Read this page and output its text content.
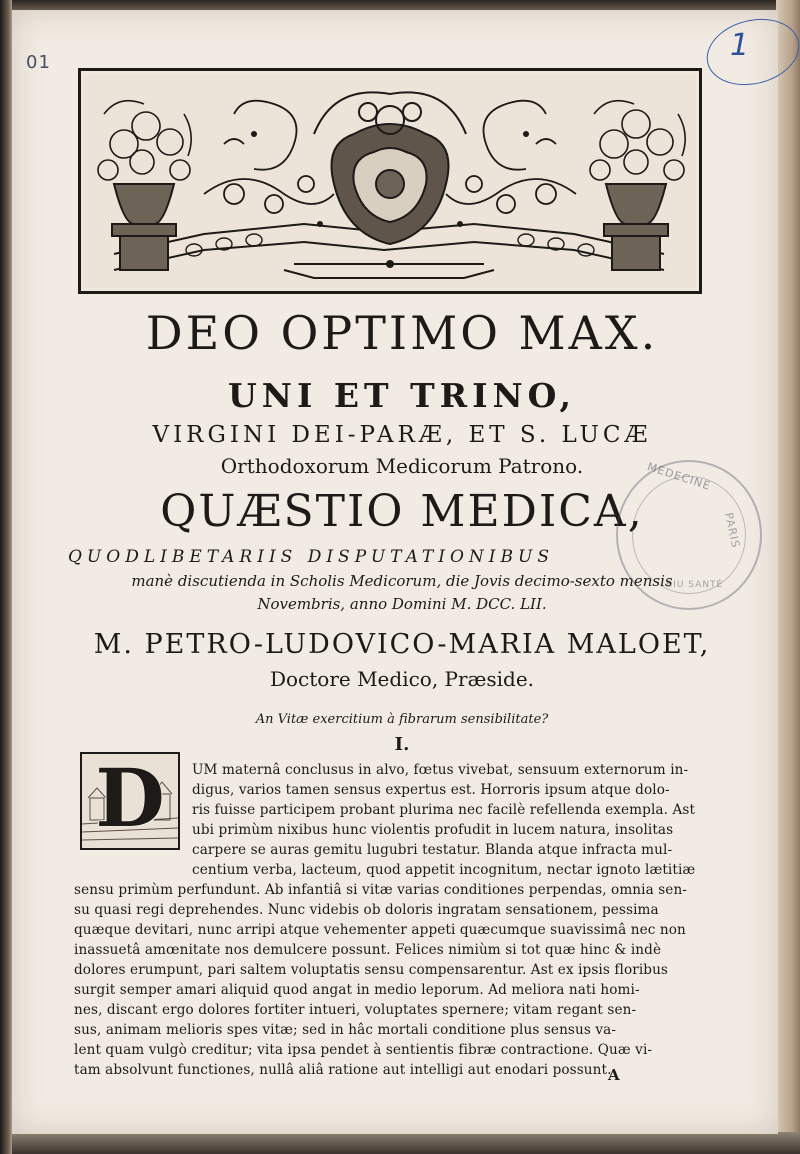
01	1
DEO OPTIMO MAX.
UNI ET TRINO,
VIRGINI DEI-PARÆ, ET S. LUCÆ
Orthodoxorum Medicorum Patrono.
QUÆSTIO MEDICA,
QUODLIBETARIIS DISPUTATIONIBUS
manè discutienda in Scholis Medicorum, die Jovis decimo-sexto mensis
Novembris, anno Domini M. DCC. LII.
M. PETRO-LUDOVICO-MARIA MALOET,
Doctore Medico, Præside.
An Vitæ exercitium à fibrarum sensibilitate?
I.
D	UM maternâ conclusus in alvo, fœtus vivebat, sensuum externorum in-
digus, varios tamen sensus expertus est. Horroris ipsum atque dolo-
ris fuisse participem probant plurima nec facilè refellenda exempla. Ast
ubi primùm nixibus hunc violentis profudit in lucem natura, insolitas
carpere se auras gemitu lugubri testatur. Blanda atque infracta mul-
centium verba, lacteum, quod appetit incognitum, nectar ignoto lætitiæ
sensu primùm perfundunt. Ab infantiâ si vitæ varias conditiones perpendas, omnia sen-
su quasi regi deprehendes. Nunc videbis ob doloris ingratam sensationem, pessima
quæque devitari, nunc arripi atque vehementer appeti quæcumque suavissimâ nec non
inassuetâ amœnitate nos demulcere possunt. Felices nimiùm si tot quæ hinc & indè
dolores erumpunt, pari saltem voluptatis sensu compensarentur. Ast ex ipsis floribus
surgit semper amari aliquid quod angat in medio leporum. Ad meliora nati homi-
nes, discant ergo dolores fortiter intueri, voluptates spernere; vitam regant sen-
sus, animam melioris spes vitæ; sed in hâc mortali conditione plus sensus va-
lent quam vulgò creditur; vita ipsa pendet à sentientis fibræ contractione. Quæ vi-
tam absolvunt functiones, nullâ aliâ ratione aut intelligi aut enodari possunt.
A
MEDECINE
PARIS
BIU SANTÉ
